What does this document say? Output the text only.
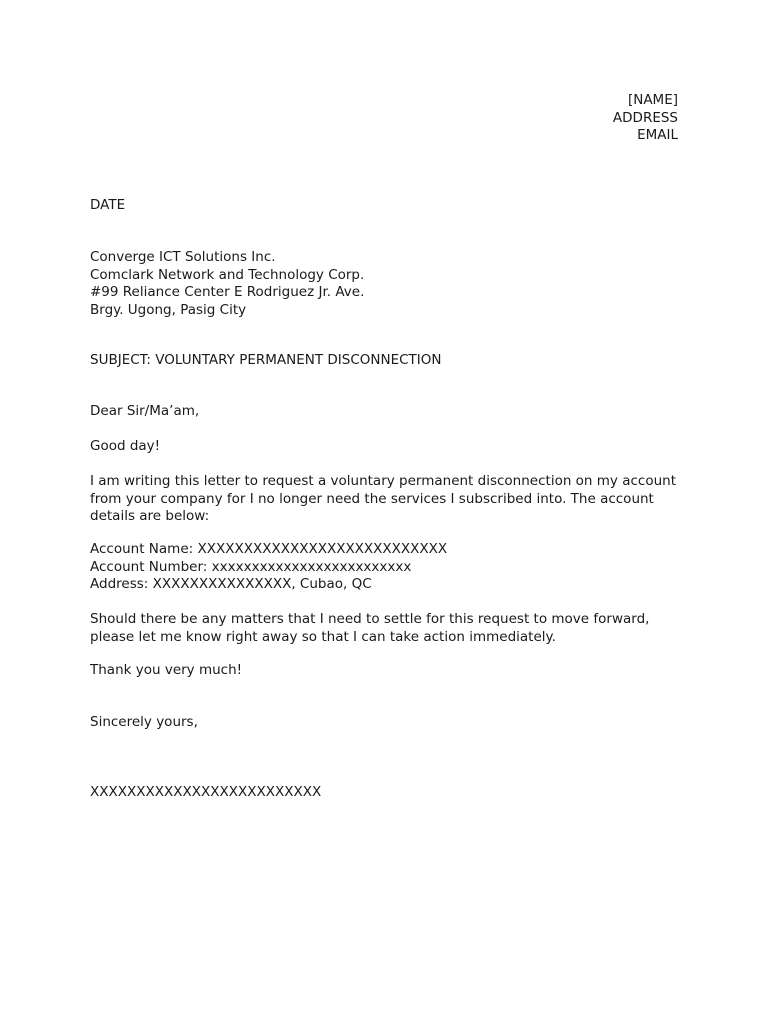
[NAME]
ADDRESS
EMAIL
DATE
Converge ICT Solutions Inc.
Comclark Network and Technology Corp.
#99 Reliance Center E Rodriguez Jr. Ave.
Brgy. Ugong, Pasig City
SUBJECT: VOLUNTARY PERMANENT DISCONNECTION
Dear Sir/Ma’am,
Good day!
I am writing this letter to request a voluntary permanent disconnection on my account from your company for I no longer need the services I subscribed into. The account details are below:
Account Name: XXXXXXXXXXXXXXXXXXXXXXXXXXX
Account Number: xxxxxxxxxxxxxxxxxxxxxxxxx
Address: XXXXXXXXXXXXXXX, Cubao, QC
Should there be any matters that I need to settle for this request to move forward, please let me know right away so that I can take action immediately.
Thank you very much!
Sincerely yours,
XXXXXXXXXXXXXXXXXXXXXXXXX
